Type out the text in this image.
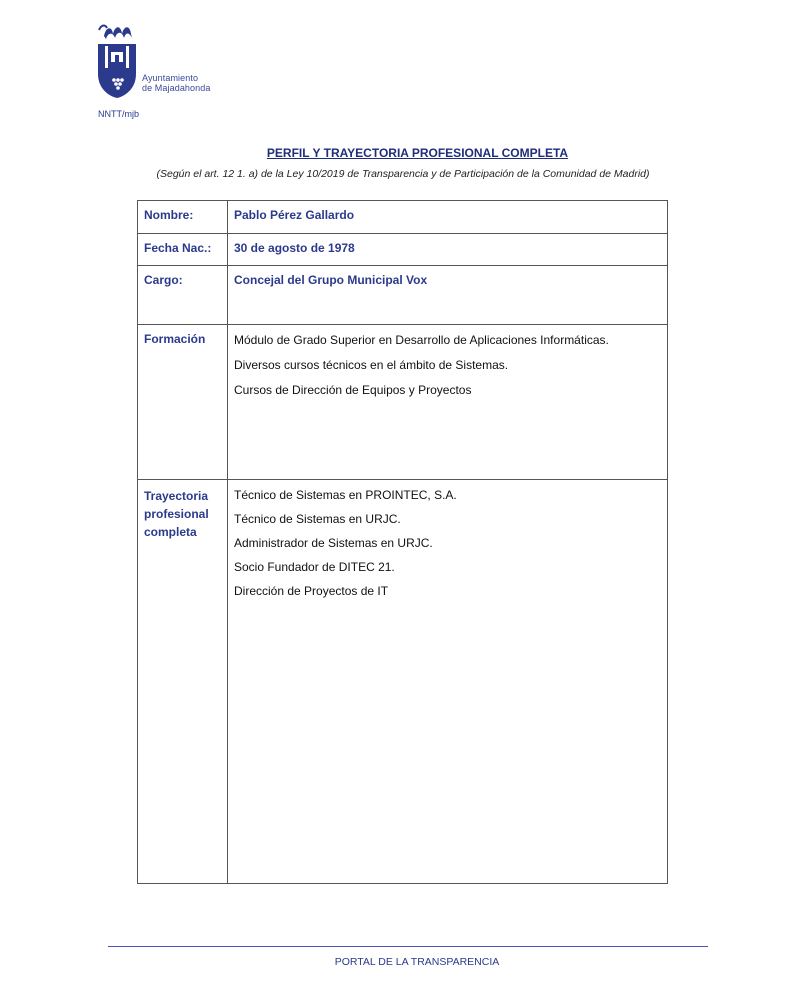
Ayuntamiento
de Majadahonda
NNTT/mjb
PERFIL Y TRAYECTORIA PROFESIONAL COMPLETA
(Según el art. 12 1. a) de la Ley 10/2019 de Transparencia y de Participación de la Comunidad de Madrid)
Nombre:	Pablo Pérez Gallardo
Fecha Nac.:	30 de agosto de 1978
Cargo:	Concejal del Grupo Municipal Vox
Formación	Módulo de Grado Superior en Desarrollo de Aplicaciones Informáticas.
Diversos cursos técnicos en el ámbito de Sistemas.
Cursos de Dirección de Equipos y Proyectos

Trayectoria profesional completa	Técnico de Sistemas en PROINTEC, S.A.
Técnico de Sistemas en URJC.
Administrador de Sistemas en URJC.
Socio Fundador de DITEC 21.
Dirección de Proyectos de IT
PORTAL DE LA TRANSPARENCIA
